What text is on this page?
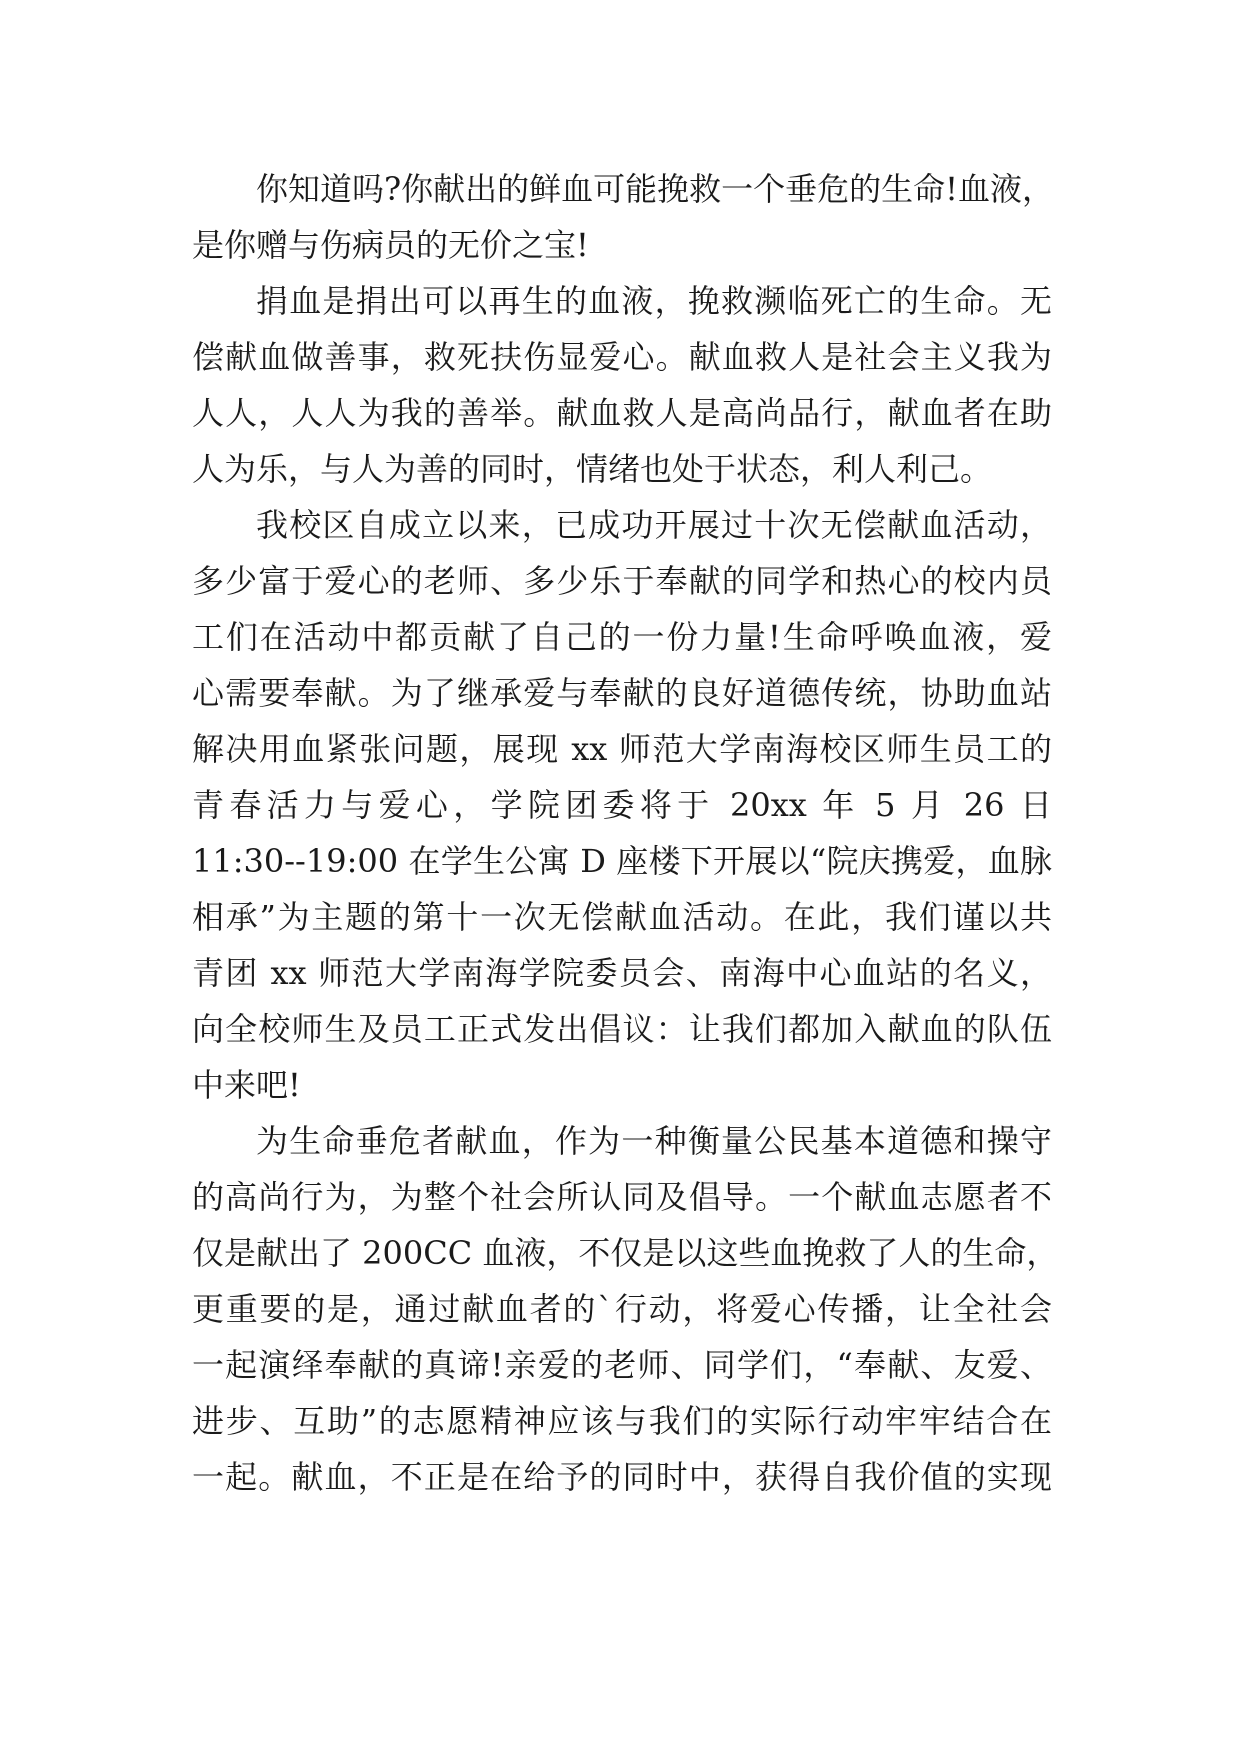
你知道吗?你献出的鲜血可能挽救一个垂危的生命!血液，
是你赠与伤病员的无价之宝!
捐血是捐出可以再生的血液，挽救濒临死亡的生命。无
偿献血做善事，救死扶伤显爱心。献血救人是社会主义我为
人人，人人为我的善举。献血救人是高尚品行，献血者在助
人为乐，与人为善的同时，情绪也处于状态，利人利己。
我校区自成立以来，已成功开展过十次无偿献血活动，
多少富于爱心的老师、多少乐于奉献的同学和热心的校内员
工们在活动中都贡献了自己的一份力量!生命呼唤血液，爱
心需要奉献。为了继承爱与奉献的良好道德传统，协助血站
解决用血紧张问题，展现 xx 师范大学南海校区师生员工的
青春活力与爱心，学院团委将于 20xx 年 5 月 26 日
11:30--19:00 在学生公寓 D 座楼下开展以“院庆携爱，血脉
相承”为主题的第十一次无偿献血活动。在此，我们谨以共
青团 xx 师范大学南海学院委员会、南海中心血站的名义，
向全校师生及员工正式发出倡议：让我们都加入献血的队伍
中来吧!
为生命垂危者献血，作为一种衡量公民基本道德和操守
的高尚行为，为整个社会所认同及倡导。一个献血志愿者不
仅是献出了 200CC 血液，不仅是以这些血挽救了人的生命，
更重要的是，通过献血者的`行动，将爱心传播，让全社会
一起演绎奉献的真谛!亲爱的老师、同学们，“奉献、友爱、
进步、互助”的志愿精神应该与我们的实际行动牢牢结合在
一起。献血，不正是在给予的同时中，获得自我价值的实现
